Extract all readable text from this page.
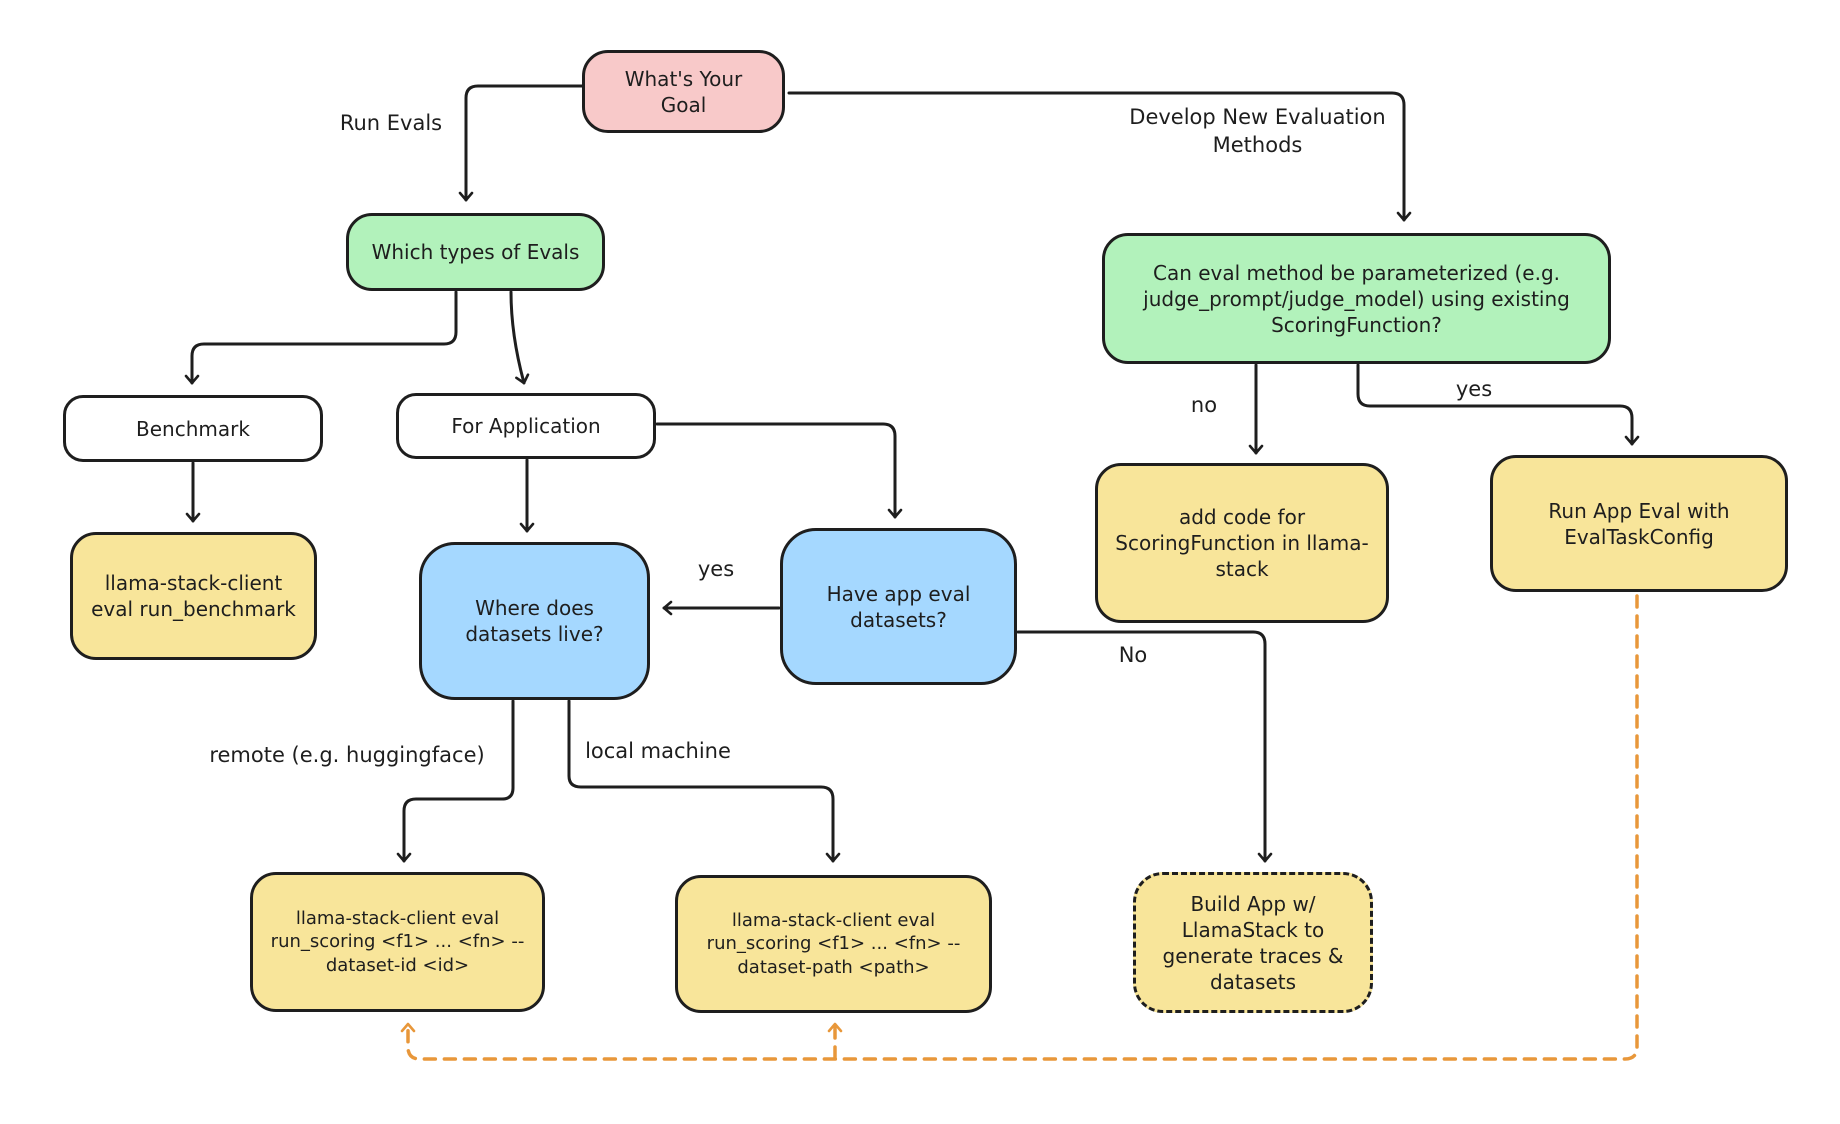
What's Your Goal
Which types of Evals
Benchmark	For Application
llama-stack-client eval run_benchmark	Where does datasets live?
Have app eval datasets?
Can eval method be parameterized (e.g. judge_prompt/judge_model) using existing ScoringFunction?
add code for ScoringFunction in llama-stack
Run App Eval with EvalTaskConfig
llama-stack-client eval run_scoring <f1> ... <fn> --dataset-id <id>
llama-stack-client eval run_scoring <f1> ... <fn> --dataset-path <path>
Build App w/ LlamaStack to generate traces & datasets
Run Evals	Develop New Evaluation Methods
yes
No
no
yes
remote (e.g. huggingface)	local machine
